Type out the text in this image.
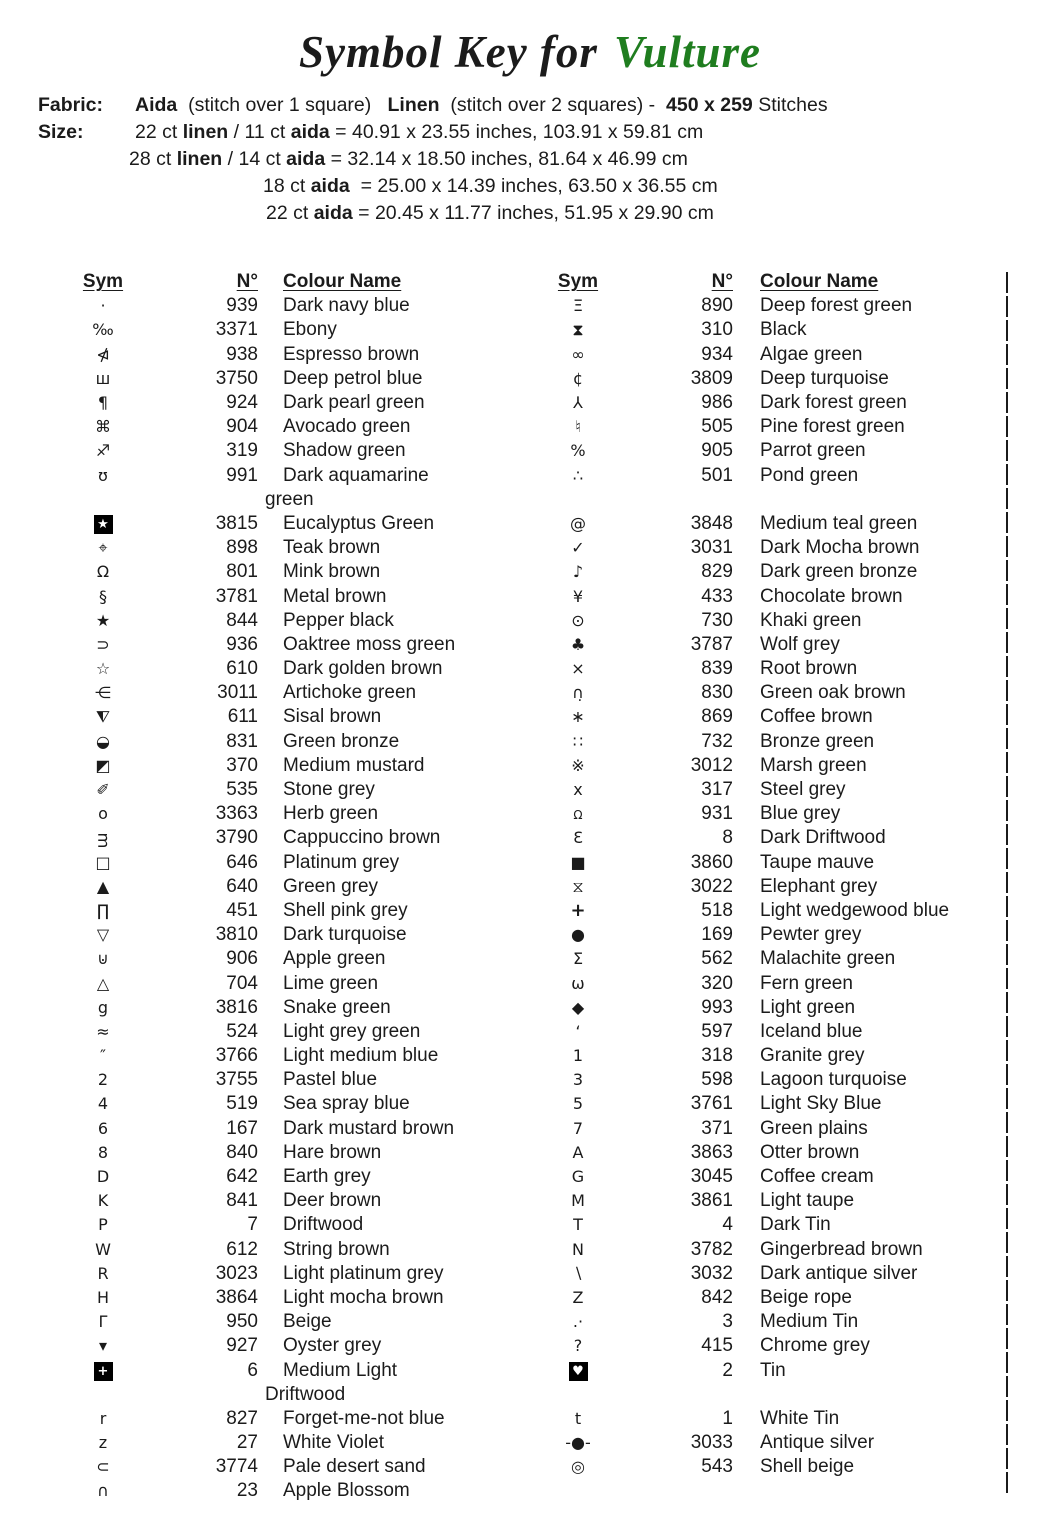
Symbol Key for Vulture
Fabric:	Aida  (stitch over 1 square)   Linen  (stitch over 2 squares) -  450 x 259 Stitches
Size:	22 ct linen / 11 ct aida = 40.91 x 23.55 inches, 103.91 x 59.81 cm
28 ct linen / 14 ct aida = 32.14 x 18.50 inches, 81.64 x 46.99 cm
18 ct aida  = 25.00 x 14.39 inches, 63.50 x 36.55 cm
22 ct aida = 20.45 x 11.77 inches, 51.95 x 29.90 cm
Sym	N°	Colour Name	Sym	N°	Colour Name
·	939	Dark navy blue	Ξ	890	Deep forest green
‰	3371	Ebony	⧗	310	Black
⋪	938	Espresso brown	∞	934	Algae green
ш	3750	Deep petrol blue	¢	3809	Deep turquoise
¶	924	Dark pearl green	⅄	986	Dark forest green
⌘	904	Avocado green	♮	505	Pine forest green
♐	319	Shadow green	%	905	Parrot green
ʊ	991	Dark aquamarine	∴	501	Pond green
green
★	3815	Eucalyptus Green	@	3848	Medium teal green
⌖	898	Teak brown	✓	3031	Dark Mocha brown
Ω	801	Mink brown	♪	829	Dark green bronze
§	3781	Metal brown	¥	433	Chocolate brown
★	844	Pepper black	⊙	730	Khaki green
⊃	936	Oaktree moss green	♣	3787	Wolf grey
☆	610	Dark golden brown	×	839	Root brown
⋲	3011	Artichoke green	∩̣	830	Green oak brown
⧨	611	Sisal brown	∗	869	Coffee brown
◒	831	Green bronze	∷	732	Bronze green
◩	370	Medium mustard	※	3012	Marsh green
✐	535	Stone grey	x	317	Steel grey
o	3363	Herb green	Ω	931	Blue grey
ᴟ	3790	Cappuccino brown	Ɛ	8	Dark Driftwood
□	646	Platinum grey	■	3860	Taupe mauve
▲	640	Green grey	⧖	3022	Elephant grey
∏	451	Shell pink grey	+	518	Light wedgewood blue
▽	3810	Dark turquoise	●	169	Pewter grey
⊍	906	Apple green	Σ	562	Malachite green
△	704	Lime green	ω	320	Fern green
g	3816	Snake green	◆	993	Light green
≈	524	Light grey green	‘	597	Iceland blue
″	3766	Light medium blue	1	318	Granite grey
2	3755	Pastel blue	3	598	Lagoon turquoise
4	519	Sea spray blue	5	3761	Light Sky Blue
6	167	Dark mustard brown	7	371	Green plains
8	840	Hare brown	A	3863	Otter brown
D	642	Earth grey	G	3045	Coffee cream
K	841	Deer brown	M	3861	Light taupe
P	7	Driftwood	T	4	Dark Tin
W	612	String brown	N	3782	Gingerbread brown
R	3023	Light platinum grey	∖	3032	Dark antique silver
H	3864	Light mocha brown	Z	842	Beige rope
Γ	950	Beige	.·	3	Medium Tin
▾	927	Oyster grey	?	415	Chrome grey
+	6	Medium Light	♥	2	Tin
Driftwood
r	827	Forget-me-not blue	t	1	White Tin
z	27	White Violet	-●-	3033	Antique silver
⊂	3774	Pale desert sand	◎	543	Shell beige
∩	23	Apple Blossom
